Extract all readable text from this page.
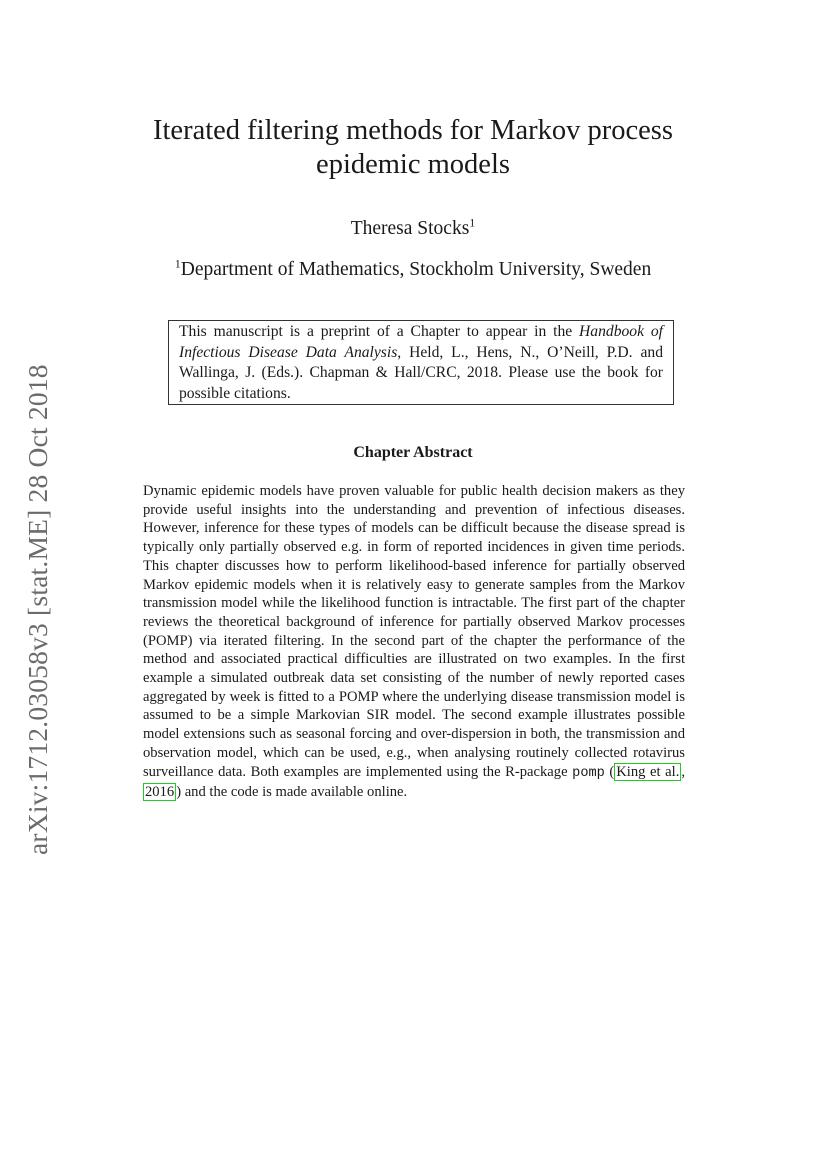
arXiv:1712.03058v3 [stat.ME] 28 Oct 2018
Iterated filtering methods for Markov process epidemic models
Theresa Stocks$^1$
$^1$Department of Mathematics, Stockholm University, Sweden
This manuscript is a preprint of a Chapter to appear in the Handbook of Infectious Disease Data Analysis, Held, L., Hens, N., O’Neill, P.D. and Wallinga, J. (Eds.). Chapman & Hall/CRC, 2018. Please use the book for possible citations.
Chapter Abstract
Dynamic epidemic models have proven valuable for public health decision makers as they provide useful insights into the understanding and prevention of infectious diseases. However, inference for these types of models can be difficult because the disease spread is typically only partially observed e.g. in form of reported incidences in given time periods. This chapter discusses how to perform likelihood-based inference for partially observed Markov epidemic models when it is relatively easy to generate samples from the Markov transmission model while the likelihood function is intractable. The first part of the chapter reviews the theoretical background of inference for partially observed Markov processes (POMP) via iterated filtering. In the second part of the chapter the performance of the method and associated practical difficulties are illustrated on two examples. In the first example a simulated outbreak data set consisting of the number of newly reported cases aggregated by week is fitted to a POMP where the underlying disease transmission model is assumed to be a simple Markovian SIR model. The second example illustrates possible model extensions such as seasonal forcing and over-dispersion in both, the transmission and observation model, which can be used, e.g., when analysing routinely collected rotavirus surveillance data. Both examples are implemented using the R-package pomp ( King et al. , 2016 ) and the code is made available online.
